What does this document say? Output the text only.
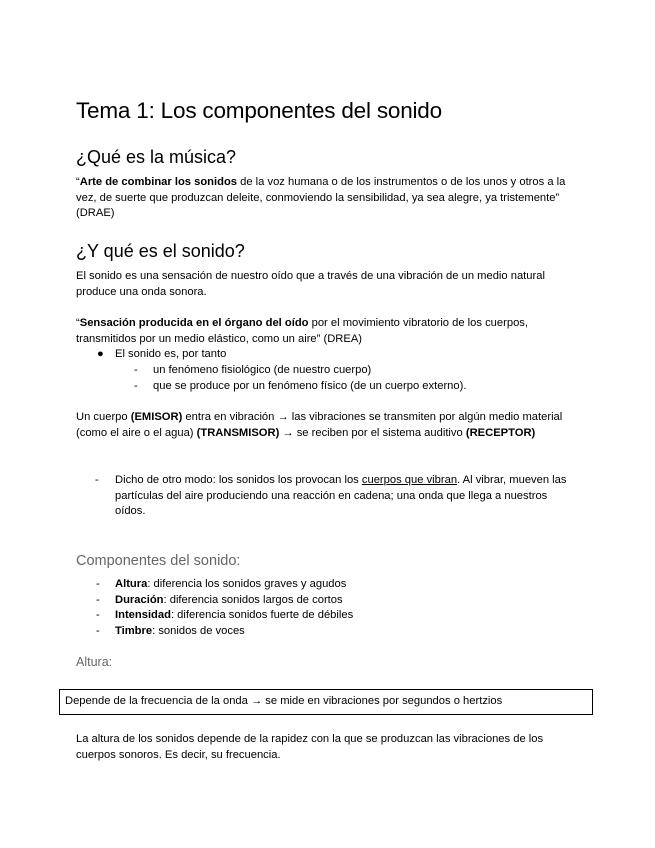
Tema 1: Los componentes del sonido
¿Qué es la música?

“Arte de combinar los sonidos de la voz humana o de los instrumentos o de los unos y otros a la vez, de suerte que produzcan deleite, conmoviendo la sensibilidad, ya sea alegre, ya tristemente” (DRAE)

¿Y qué es el sonido?

El sonido es una sensación de nuestro oído que a través de una vibración de un medio natural produce una onda sonora.

“Sensación producida en el órgano del oído por el movimiento vibratorio de los cuerpos, transmitidos por un medio elástico, como un aire” (DREA)

● El sonido es, por tanto
- un fenómeno fisiológico (de nuestro cuerpo)
- que se produce por un fenómeno físico (de un cuerpo externo).

Un cuerpo (EMISOR) entra en vibración → las vibraciones se transmiten por algún medio material (como el aire o el agua) (TRANSMISOR) → se reciben por el sistema auditivo (RECEPTOR)

- Dicho de otro modo: los sonidos los provocan los cuerpos que vibran. Al vibrar, mueven las partículas del aire produciendo una reacción en cadena; una onda que llega a nuestros oídos.
Componentes del sonido:
- Altura: diferencia los sonidos graves y agudos
- Duración: diferencia sonidos largos de cortos
- Intensidad: diferencia sonidos fuerte de débiles
- Timbre: sonidos de voces
Altura:
Depende de la frecuencia de la onda → se mide en vibraciones por segundos o hertzios

La altura de los sonidos depende de la rapidez con la que se produzcan las vibraciones de los cuerpos sonoros. Es decir, su frecuencia.
